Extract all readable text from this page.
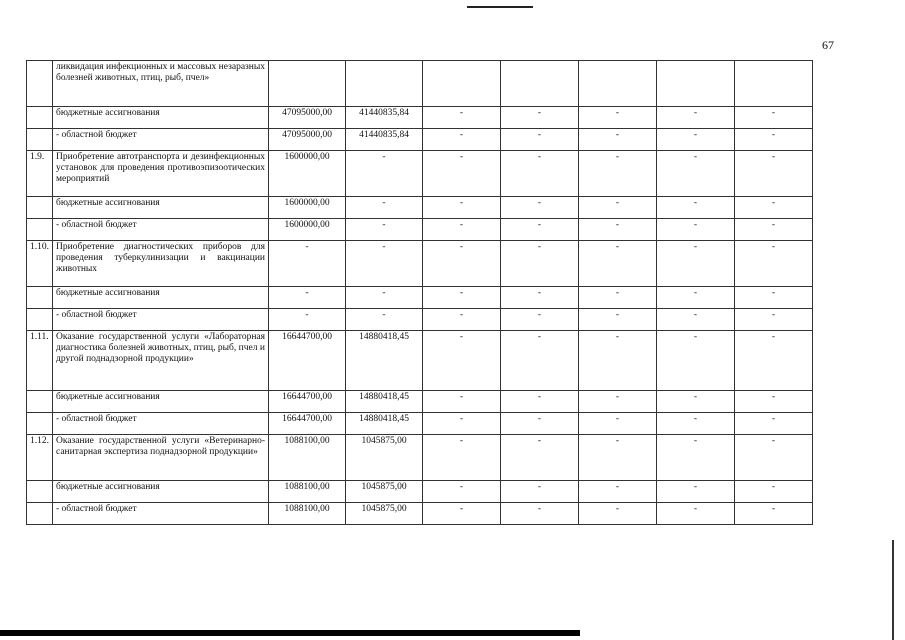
67
	ликвидация инфекционных и массовых незаразных болезней животных, птиц, рыб, пчел»							
	бюджетные ассигнования	47095000,00	41440835,84	-	-	-	-	-
	- областной бюджет	47095000,00	41440835,84	-	-	-	-	-
1.9.	Приобретение автотранспорта и дезинфекционных установок для проведения противоэпизоотических мероприятий	1600000,00	-	-	-	-	-	-
	бюджетные ассигнования	1600000,00	-	-	-	-	-	-
	- областной бюджет	1600000,00	-	-	-	-	-	-
1.10.	Приобретение диагностических приборов для проведения туберкулинизации и вакцинации животных	-	-	-	-	-	-	-
	бюджетные ассигнования	-	-	-	-	-	-	-
	- областной бюджет	-	-	-	-	-	-	-
1.11.	Оказание государственной услуги «Лабораторная диагностика болезней животных, птиц, рыб, пчел и другой поднадзорной продукции»	16644700,00	14880418,45	-	-	-	-	-
	бюджетные ассигнования	16644700,00	14880418,45	-	-	-	-	-
	- областной бюджет	16644700,00	14880418,45	-	-	-	-	-
1.12.	Оказание государственной услуги «Ветеринарно-санитарная экспертиза поднадзорной продукции»	1088100,00	1045875,00	-	-	-	-	-
	бюджетные ассигнования	1088100,00	1045875,00	-	-	-	-	-
	- областной бюджет	1088100,00	1045875,00	-	-	-	-	-
